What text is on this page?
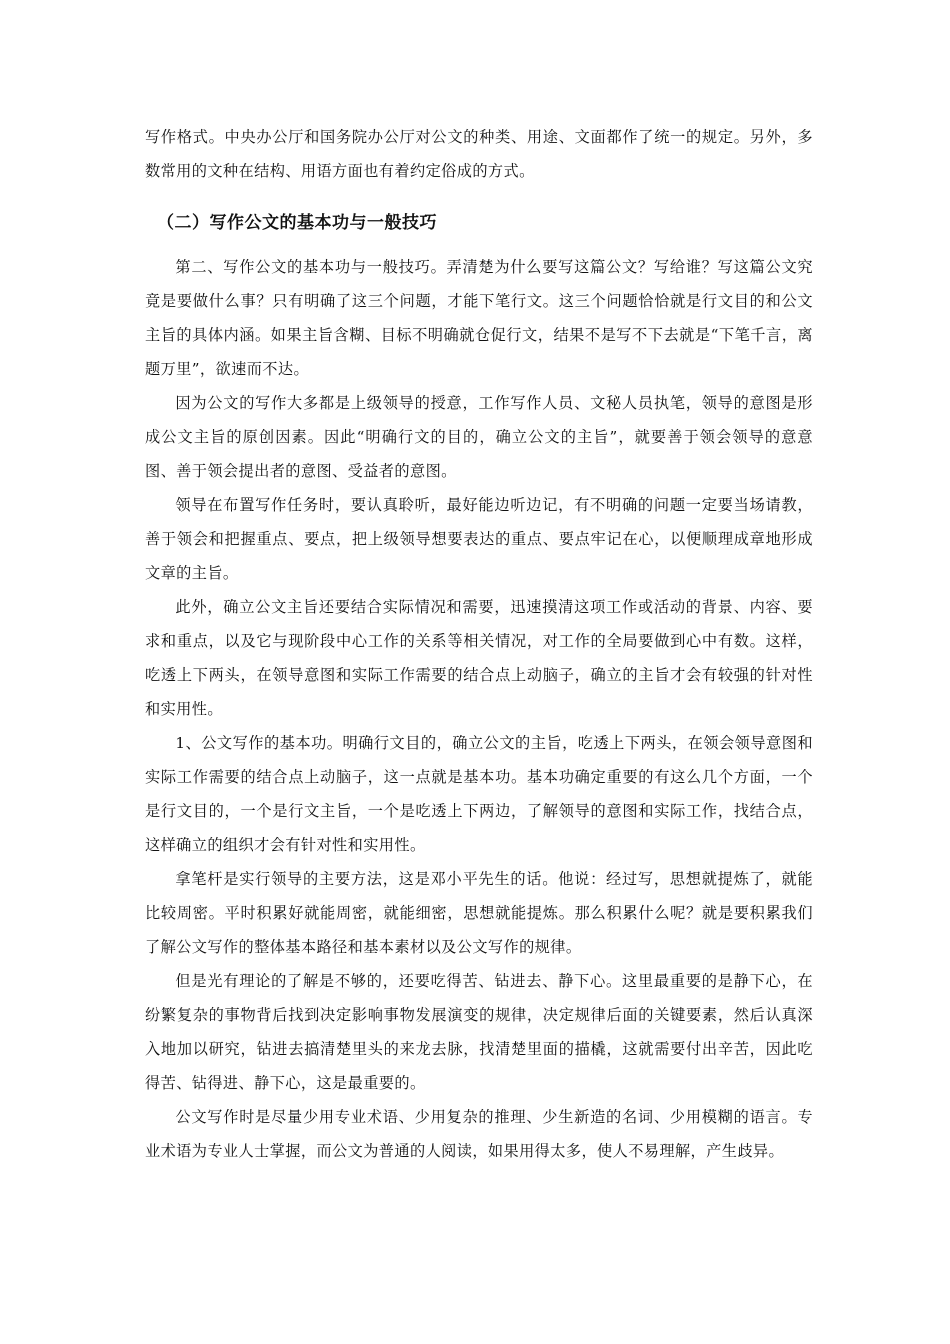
写作格式。中央办公厅和国务院办公厅对公文的种类、用途、文面都作了统一的规定。另外，多数常用的文种在结构、用语方面也有着约定俗成的方式。

（二）写作公文的基本功与一般技巧

第二、写作公文的基本功与一般技巧。弄清楚为什么要写这篇公文？写给谁？写这篇公文究竟是要做什么事？只有明确了这三个问题，才能下笔行文。这三个问题恰恰就是行文目的和公文主旨的具体内涵。如果主旨含糊、目标不明确就仓促行文，结果不是写不下去就是“下笔千言，离题万里”，欲速而不达。

因为公文的写作大多都是上级领导的授意，工作写作人员、文秘人员执笔，领导的意图是形成公文主旨的原创因素。因此“明确行文的目的，确立公文的主旨”，就要善于领会领导的意意图、善于领会提出者的意图、受益者的意图。

领导在布置写作任务时，要认真聆听，最好能边听边记，有不明确的问题一定要当场请教，善于领会和把握重点、要点，把上级领导想要表达的重点、要点牢记在心，以便顺理成章地形成文章的主旨。

此外，确立公文主旨还要结合实际情况和需要，迅速摸清这项工作或活动的背景、内容、要求和重点，以及它与现阶段中心工作的关系等相关情况，对工作的全局要做到心中有数。这样，吃透上下两头，在领导意图和实际工作需要的结合点上动脑子，确立的主旨才会有较强的针对性和实用性。

1、公文写作的基本功。明确行文目的，确立公文的主旨，吃透上下两头，在领会领导意图和实际工作需要的结合点上动脑子，这一点就是基本功。基本功确定重要的有这么几个方面，一个是行文目的，一个是行文主旨，一个是吃透上下两边，了解领导的意图和实际工作，找结合点，这样确立的组织才会有针对性和实用性。

拿笔杆是实行领导的主要方法，这是邓小平先生的话。他说：经过写，思想就提炼了，就能比较周密。平时积累好就能周密，就能细密，思想就能提炼。那么积累什么呢？就是要积累我们了解公文写作的整体基本路径和基本素材以及公文写作的规律。

但是光有理论的了解是不够的，还要吃得苦、钻进去、静下心。这里最重要的是静下心，在纷繁复杂的事物背后找到决定影响事物发展演变的规律，决定规律后面的关键要素，然后认真深入地加以研究，钻进去搞清楚里头的来龙去脉，找清楚里面的描橇，这就需要付出辛苦，因此吃得苦、钻得进、静下心，这是最重要的。

公文写作时是尽量少用专业术语、少用复杂的推理、少生新造的名词、少用模糊的语言。专业术语为专业人士掌握，而公文为普通的人阅读，如果用得太多，使人不易理解，产生歧异。
